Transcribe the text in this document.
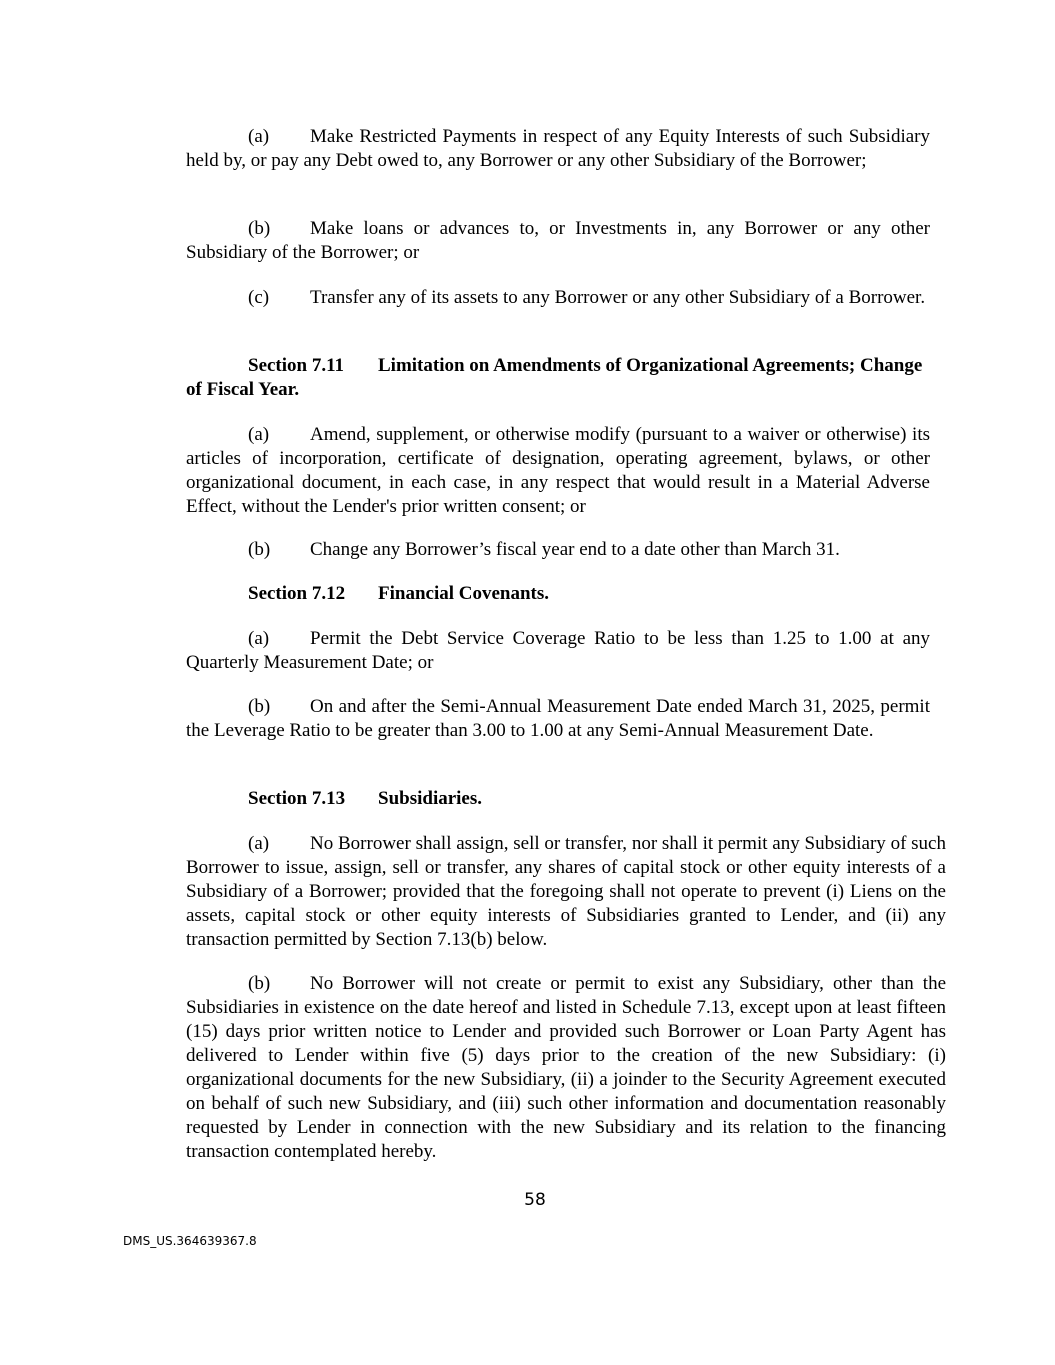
(a) Make Restricted Payments in respect of any Equity Interests of such Subsidiary held by, or pay any Debt owed to, any Borrower or any other Subsidiary of the Borrower;
(b) Make loans or advances to, or Investments in, any Borrower or any other Subsidiary of the Borrower; or
(c) Transfer any of its assets to any Borrower or any other Subsidiary of a Borrower.
Section 7.11 Limitation on Amendments of Organizational Agreements; Change of Fiscal Year.
(a) Amend, supplement, or otherwise modify (pursuant to a waiver or otherwise) its articles of incorporation, certificate of designation, operating agreement, bylaws, or other organizational document, in each case, in any respect that would result in a Material Adverse Effect, without the Lender's prior written consent; or
(b) Change any Borrower’s fiscal year end to a date other than March 31.
Section 7.12 Financial Covenants.
(a) Permit the Debt Service Coverage Ratio to be less than 1.25 to 1.00 at any Quarterly Measurement Date; or
(b) On and after the Semi-Annual Measurement Date ended March 31, 2025, permit the Leverage Ratio to be greater than 3.00 to 1.00 at any Semi-Annual Measurement Date.
Section 7.13 Subsidiaries.
(a) No Borrower shall assign, sell or transfer, nor shall it permit any Subsidiary of such Borrower to issue, assign, sell or transfer, any shares of capital stock or other equity interests of a Subsidiary of a Borrower; provided that the foregoing shall not operate to prevent (i) Liens on the assets, capital stock or other equity interests of Subsidiaries granted to Lender, and (ii) any transaction permitted by Section 7.13(b) below.
(b) No Borrower will not create or permit to exist any Subsidiary, other than the Subsidiaries in existence on the date hereof and listed in Schedule 7.13, except upon at least fifteen (15) days prior written notice to Lender and provided such Borrower or Loan Party Agent has delivered to Lender within five (5) days prior to the creation of the new Subsidiary: (i) organizational documents for the new Subsidiary, (ii) a joinder to the Security Agreement executed on behalf of such new Subsidiary, and (iii) such other information and documentation reasonably requested by Lender in connection with the new Subsidiary and its relation to the financing transaction contemplated hereby.
58
DMS_US.364639367.8
